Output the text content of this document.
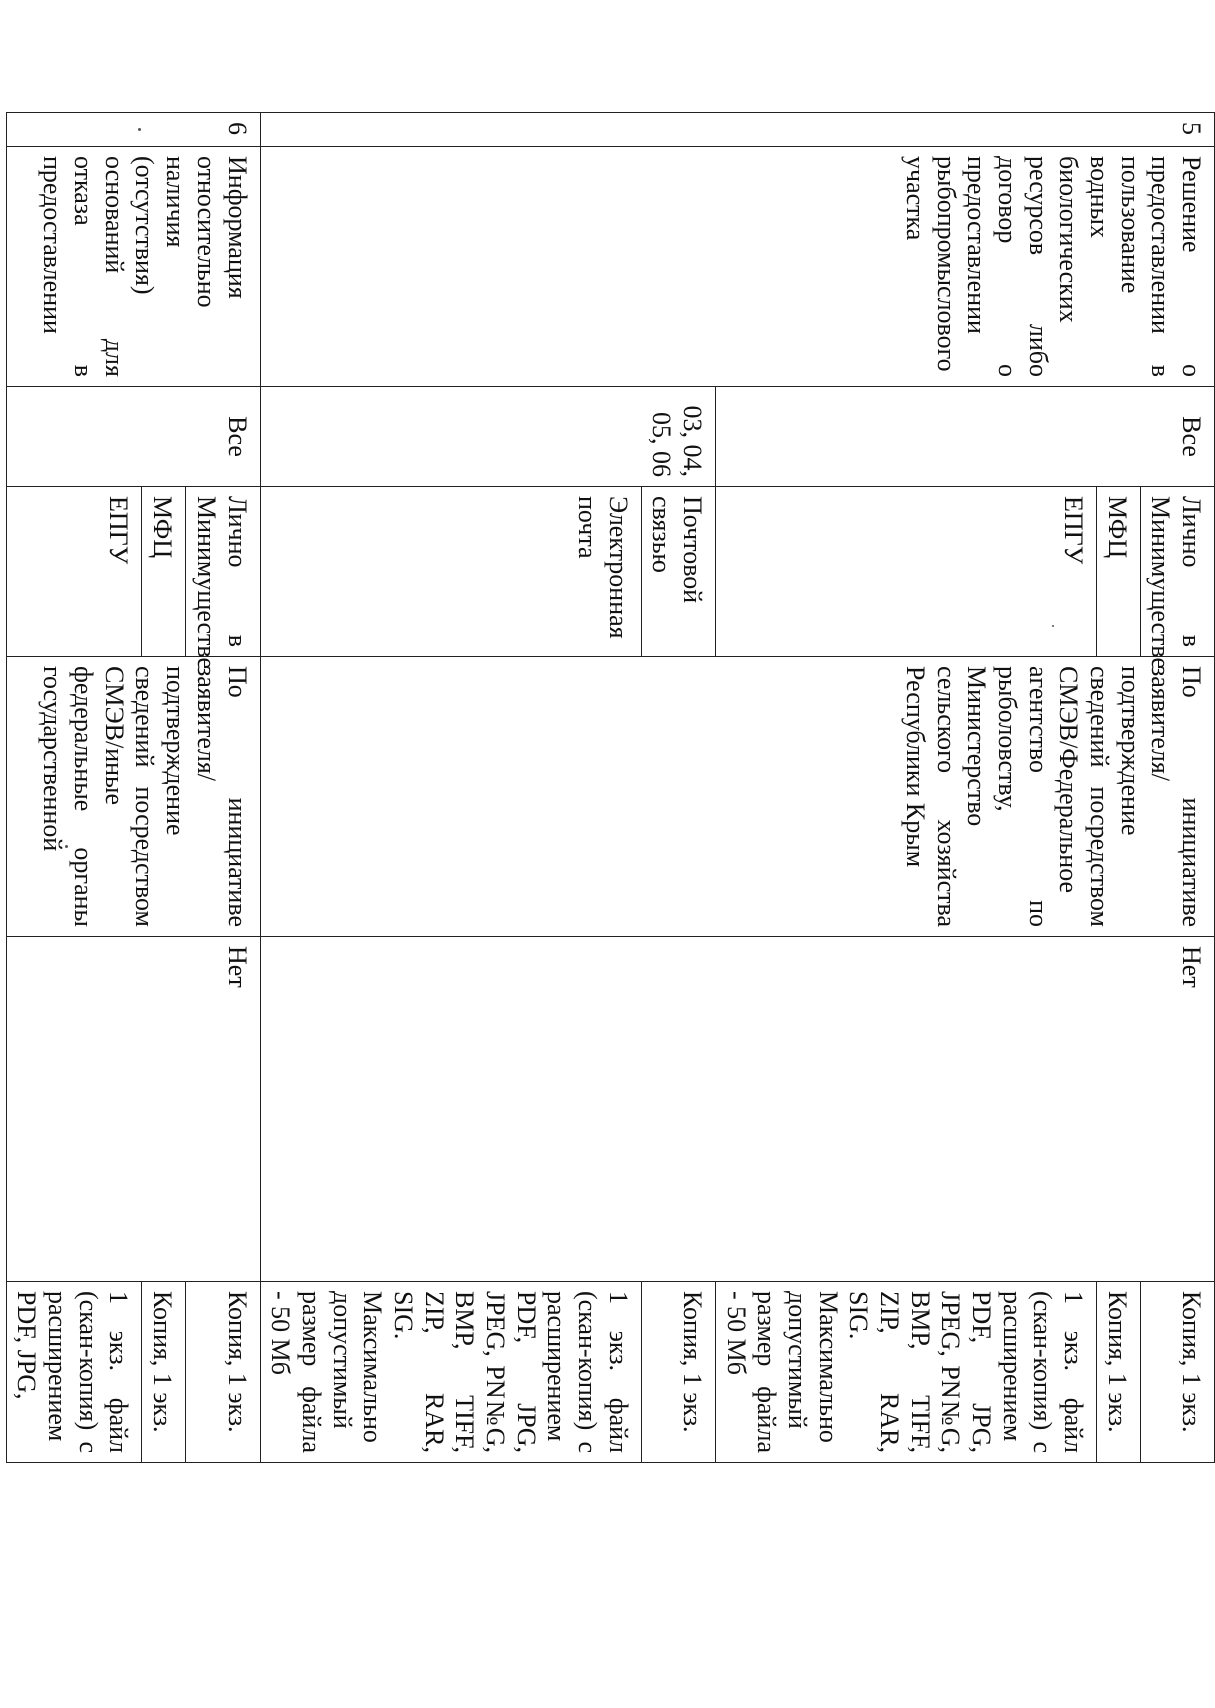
5	Решение о предоставлении в пользование водных биологических ресурсов либо договор о предоставлении рыбопромыслового участка	Все	Лично в Минимуществе	По инициативе заявителя/подтверждение сведений посредством СМЭВ/Федеральное агентство по рыболовству, Министерство сельского хозяйства Республики Крым	Нет	Копия, 1 экз.
			МФЦ			Копия, 1 экз.
			ЕПГУ			1 экз. файл (скан-копия) с расширением PDF, JPG, JPEG, PN№G, BMP, TIFF, ZIP, RAR, SIG. Максимально допустимый размер файла - 50 Мб
		03, 04, 05, 06	Почтовой связью			Копия, 1 экз.
			Электронная почта			1 экз. файл (скан-копия) с расширением PDF, JPG, JPEG, PN№G, BMP, TIFF, ZIP, RAR, SIG. Максимально допустимый размер файла - 50 Мб
6	Информация относительно наличия (отсутствия) оснований для отказа в предоставлении	Все	Лично в Минимуществе	По инициативе заявителя/подтверждение сведений посредством СМЭВ/иные федеральные органы государственной	Нет	Копия, 1 экз.
			МФЦ			Копия, 1 экз.
			ЕПГУ			1 экз. файл (скан-копия) с расширением PDF, JPG,
